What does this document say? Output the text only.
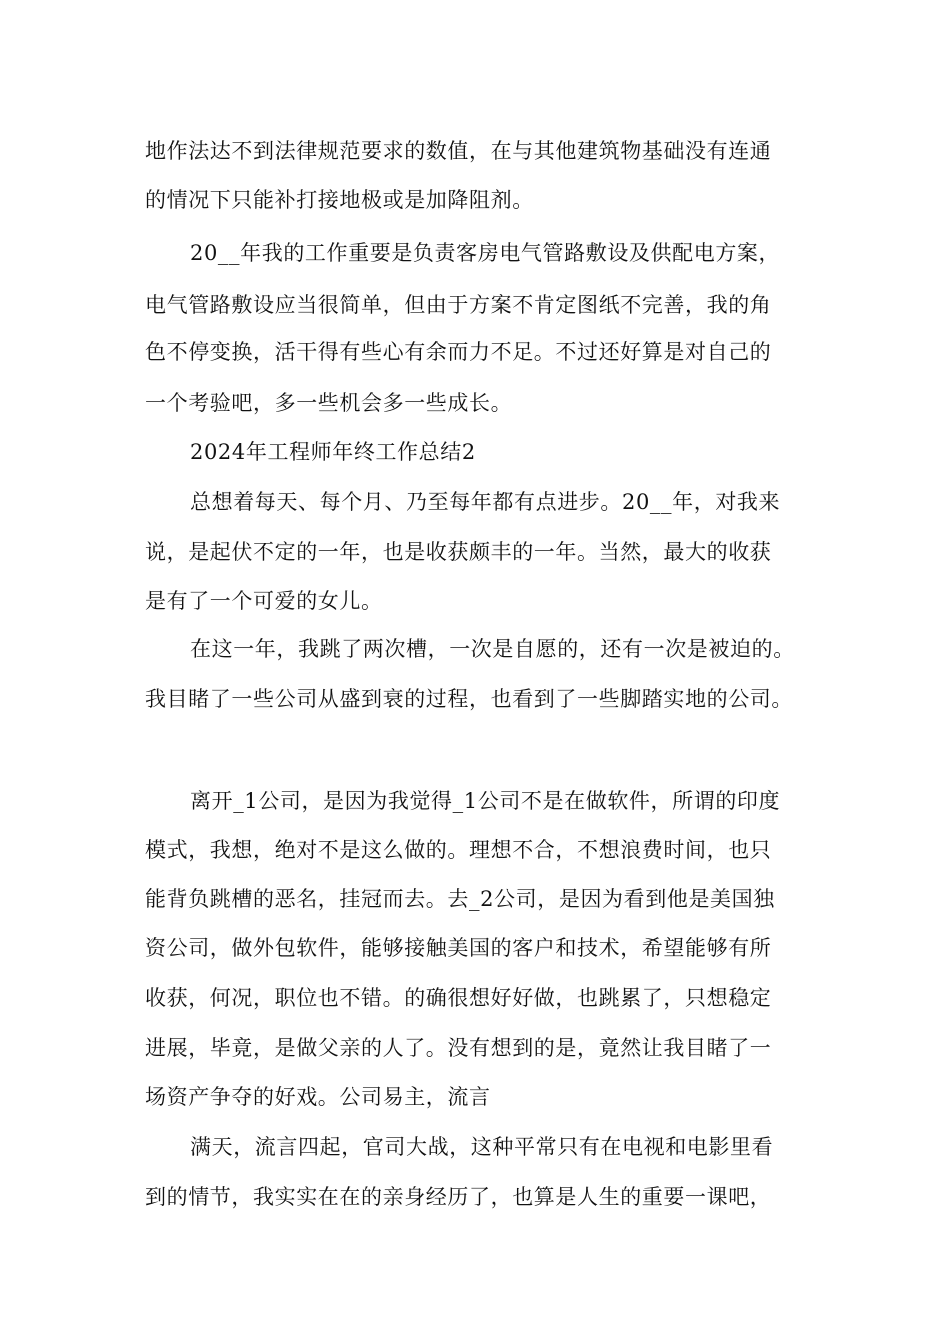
地作法达不到法律规范要求的数值，在与其他建筑物基础没有连通
的情况下只能补打接地极或是加降阻剂。
20__年我的工作重要是负责客房电气管路敷设及供配电方案，
电气管路敷设应当很简单，但由于方案不肯定图纸不完善，我的角
色不停变换，活干得有些心有余而力不足。不过还好算是对自己的
一个考验吧，多一些机会多一些成长。
2024年工程师年终工作总结2
总想着每天、每个月、乃至每年都有点进步。20__年，对我来
说，是起伏不定的一年，也是收获颇丰的一年。当然，最大的收获
是有了一个可爱的女儿。
在这一年，我跳了两次槽，一次是自愿的，还有一次是被迫的。
我目睹了一些公司从盛到衰的过程，也看到了一些脚踏实地的公司。
离开_1公司，是因为我觉得_1公司不是在做软件，所谓的印度
模式，我想，绝对不是这么做的。理想不合，不想浪费时间，也只
能背负跳槽的恶名，挂冠而去。去_2公司，是因为看到他是美国独
资公司，做外包软件，能够接触美国的客户和技术，希望能够有所
收获，何况，职位也不错。的确很想好好做，也跳累了，只想稳定
进展，毕竟，是做父亲的人了。没有想到的是，竟然让我目睹了一
场资产争夺的好戏。公司易主，流言
满天，流言四起，官司大战，这种平常只有在电视和电影里看
到的情节，我实实在在的亲身经历了，也算是人生的重要一课吧，
